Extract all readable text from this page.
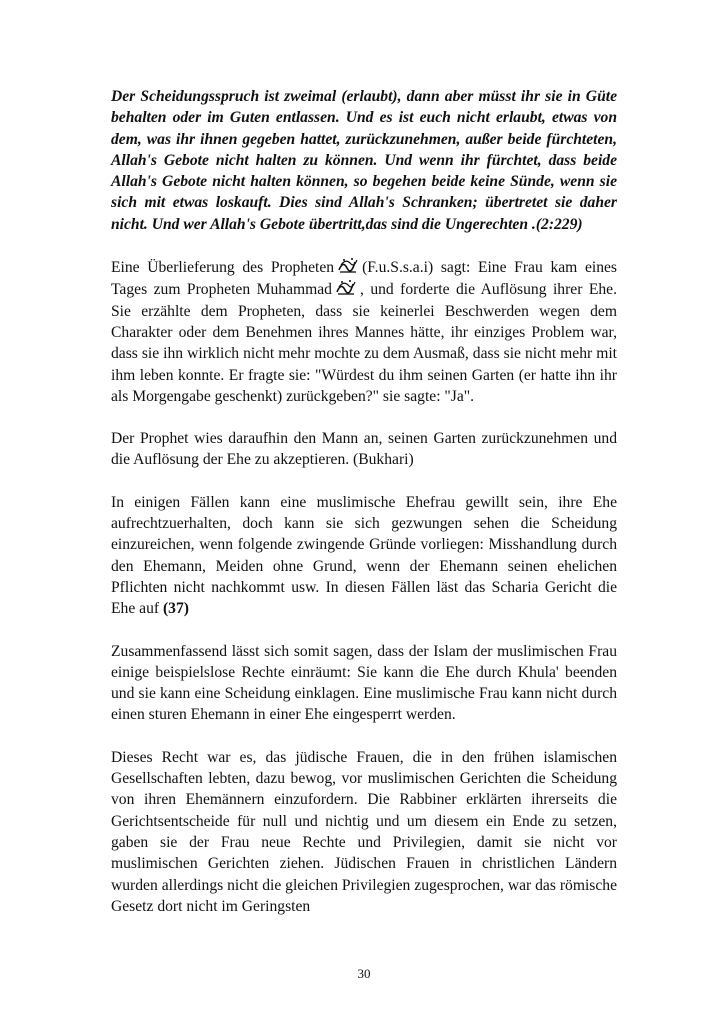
Der Scheidungsspruch ist zweimal (erlaubt), dann aber müsst ihr sie in Güte behalten oder im Guten entlassen. Und es ist euch nicht erlaubt, etwas von dem, was ihr ihnen gegeben hattet, zurückzunehmen, außer beide fürchteten, Allah's Gebote nicht halten zu können. Und wenn ihr fürchtet, dass beide Allah's Gebote nicht halten können, so begehen beide keine Sünde, wenn sie sich mit etwas loskauft. Dies sind Allah's Schranken; übertretet sie daher nicht. Und wer Allah's Gebote übertritt,das sind die Ungerechten .(2:229)

Eine Überlieferung des Propheten (F.u.S.s.a.i) sagt: Eine Frau kam eines Tages zum Propheten Muhammad , und forderte die Auflösung ihrer Ehe. Sie erzählte dem Propheten, dass sie keinerlei Beschwerden wegen dem Charakter oder dem Benehmen ihres Mannes hätte, ihr einziges Problem war, dass sie ihn wirklich nicht mehr mochte zu dem Ausmaß, dass sie nicht mehr mit ihm leben konnte. Er fragte sie: "Würdest du ihm seinen Garten (er hatte ihn ihr als Morgengabe geschenkt) zurückgeben?" sie sagte: "Ja".

Der Prophet wies daraufhin den Mann an, seinen Garten zurückzunehmen und die Auflösung der Ehe zu akzeptieren. (Bukhari)

In einigen Fällen kann eine muslimische Ehefrau gewillt sein, ihre Ehe aufrechtzuerhalten, doch kann sie sich gezwungen sehen die Scheidung einzureichen, wenn folgende zwingende Gründe vorliegen: Misshandlung durch den Ehemann, Meiden ohne Grund, wenn der Ehemann seinen ehelichen Pflichten nicht nachkommt usw. In diesen Fällen läst das Scharia Gericht die Ehe auf (37)

Zusammenfassend lässt sich somit sagen, dass der Islam der muslimischen Frau einige beispielslose Rechte einräumt: Sie kann die Ehe durch Khula' beenden und sie kann eine Scheidung einklagen. Eine muslimische Frau kann nicht durch einen sturen Ehemann in einer Ehe eingesperrt werden.

Dieses Recht war es, das jüdische Frauen, die in den frühen islamischen Gesellschaften lebten, dazu bewog, vor muslimischen Gerichten die Scheidung von ihren Ehemännern einzufordern. Die Rabbiner erklärten ihrerseits die Gerichtsentscheide für null und nichtig und um diesem ein Ende zu setzen, gaben sie der Frau neue Rechte und Privilegien, damit sie nicht vor muslimischen Gerichten ziehen. Jüdischen Frauen in christlichen Ländern wurden allerdings nicht die gleichen Privilegien zugesprochen, war das römische Gesetz dort nicht im Geringsten

30
